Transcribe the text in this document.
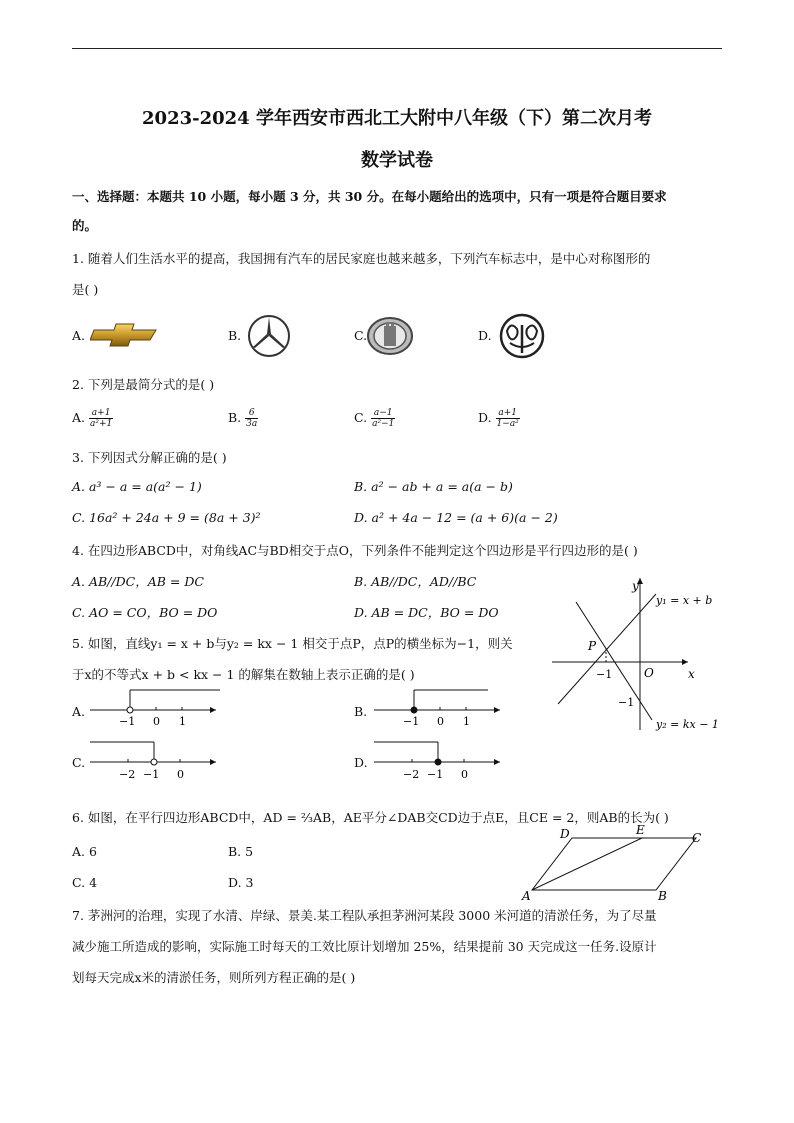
2023-2024 学年西安市西北工大附中八年级（下）第二次月考
数学试卷
一、选择题：本题共 10 小题，每小题 3 分，共 30 分。在每小题给出的选项中，只有一项是符合题目要求
的。
1. 随着人们生活水平的提高，我国拥有汽车的居民家庭也越来越多，下列汽车标志中，是中心对称图形的
是( )
A.	B.	C.	D.
2. 下列是最简分式的是( )
A. $\frac{a+1}{\text{a²+1}}$	B. $\frac{6}{3a}$	C. $\frac{a-1}{\text{a²−1}}$	D. $\frac{a+1}{\text{1−a²}}$
3. 下列因式分解正确的是( )
A. a³ − a = a(a² − 1)	B. a² − ab + a = a(a − b)
C. 16a² + 24a + 9 = (8a + 3)²	D. a² + 4a − 12 = (a + 6)(a − 2)
4. 在四边形ABCD中，对角线AC与BD相交于点O，下列条件不能判定这个四边形是平行四边形的是( )
A. AB//DC，AB = DC	B. AB//DC，AD//BC
C. AO = CO，BO = DO	D. AB = DC，BO = DO
5. 如图，直线y₁ = x + b与y₂ = kx − 1 相交于点P，点P的横坐标为−1，则关
于x的不等式x + b < kx − 1 的解集在数轴上表示正确的是( )
y
x
O
P
−1
−1
y₁ = x + b
y₂ = kx − 1
A.
−1 0 1
B.
−1 0 1
C.
−2 −1 0
D.
−2 −1 0
6. 如图，在平行四边形ABCD中，AD = ⅔AB，AE平分∠DAB交CD边于点E，且CE = 2，则AB的长为( )
A. 6	B. 5
C. 4	D. 3
A	B
C
D	E
7. 茅洲河的治理，实现了水清、岸绿、景美.某工程队承担茅洲河某段 3000 米河道的清淤任务，为了尽量
减少施工所造成的影响，实际施工时每天的工效比原计划增加 25%，结果提前 30 天完成这一任务.设原计
划每天完成x米的清淤任务，则所列方程正确的是( )
